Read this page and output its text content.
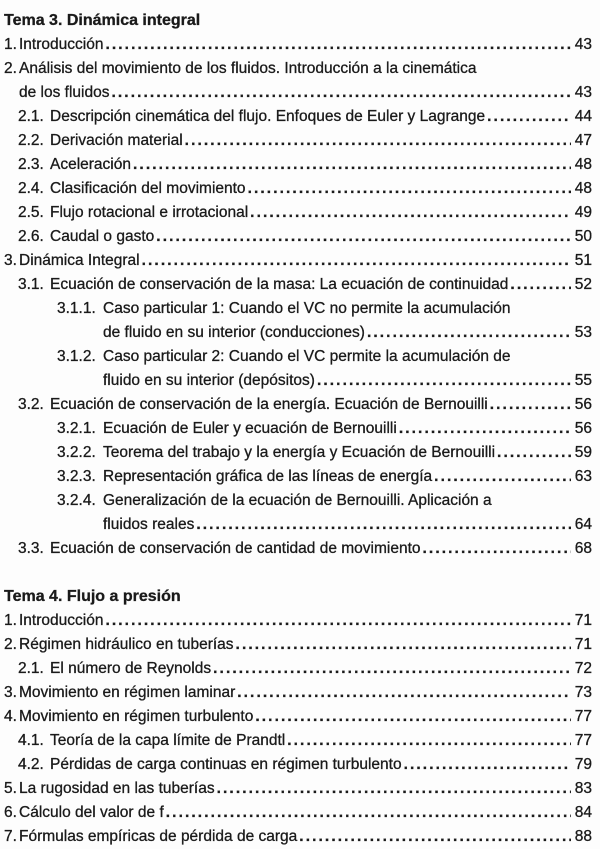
Tema 3. Dinámica integral
1. Introducción .....	43
2. Análisis del movimiento de los fluidos. Introducción a la cinemática
de los fluidos .....	43
2.1. Descripción cinemática del flujo. Enfoques de Euler y Lagrange .....	44
2.2. Derivación material .....	47
2.3. Aceleración .....	48
2.4. Clasificación del movimiento .....	48
2.5. Flujo rotacional e irrotacional .....	49
2.6. Caudal o gasto .....	50
3. Dinámica Integral .....	51
3.1. Ecuación de conservación de la masa: La ecuación de continuidad .....	52
3.1.1. Caso particular 1: Cuando el VC no permite la acumulación
de fluido en su interior (conducciones) .....	53
3.1.2. Caso particular 2: Cuando el VC permite la acumulación de
fluido en su interior (depósitos) .....	55
3.2. Ecuación de conservación de la energía. Ecuación de Bernouilli .....	56
3.2.1. Ecuación de Euler y ecuación de Bernouilli .....	56
3.2.2. Teorema del trabajo y la energía y Ecuación de Bernouilli .....	59
3.2.3. Representación gráfica de las líneas de energía .....	63
3.2.4. Generalización de la ecuación de Bernouilli. Aplicación a
fluidos reales .....	64
3.3. Ecuación de conservación de cantidad de movimiento .....	68
Tema 4. Flujo a presión
1. Introducción .....	71
2. Régimen hidráulico en tuberías .....	71
2.1. El número de Reynolds .....	72
3. Movimiento en régimen laminar .....	73
4. Movimiento en régimen turbulento .....	77
4.1. Teoría de la capa límite de Prandtl .....	77
4.2. Pérdidas de carga continuas en régimen turbulento .....	79
5. La rugosidad en las tuberías .....	83
6. Cálculo del valor de f .....	84
7. Fórmulas empíricas de pérdida de carga .....	88
